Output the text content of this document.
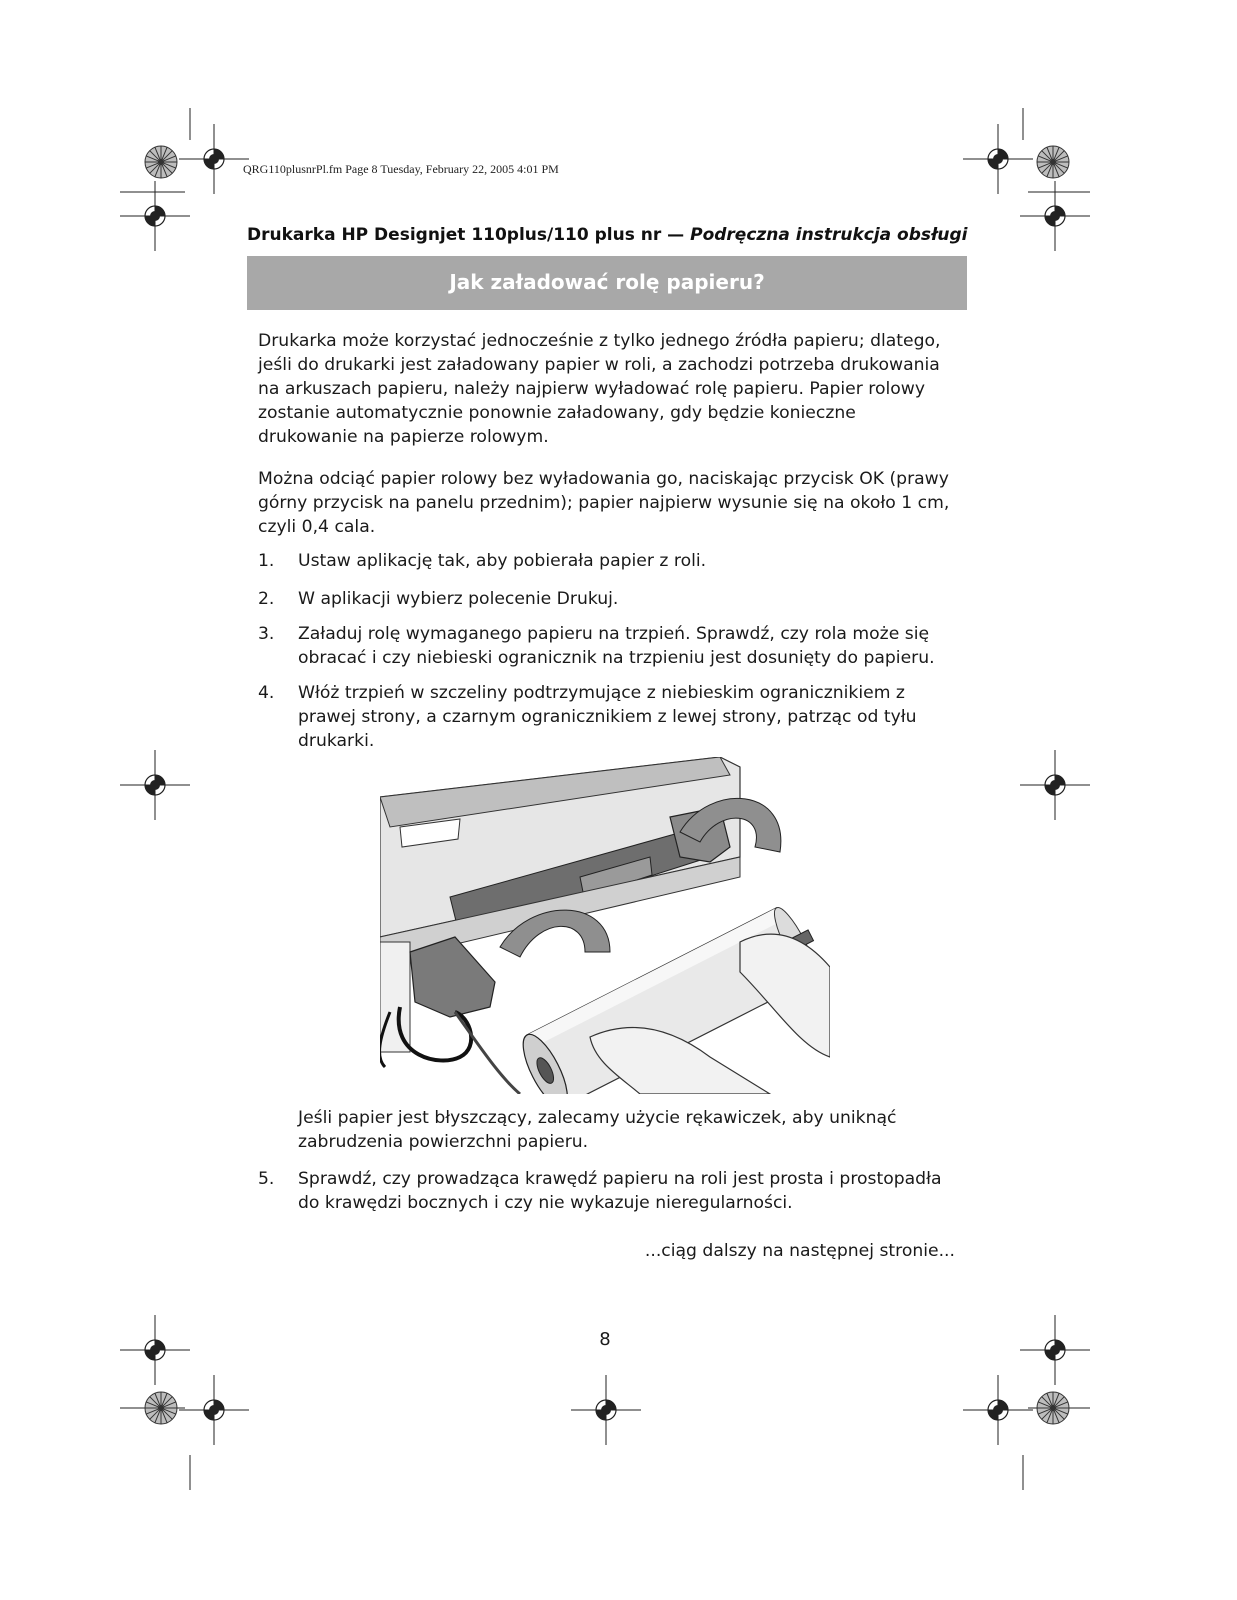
QRG110plusnrPl.fm Page 8 Tuesday, February 22, 2005 4:01 PM
Drukarka HP Designjet 110plus/110 plus nr — Podręczna instrukcja obsługi
Jak załadować rolę papieru?

Drukarka może korzystać jednocześnie z tylko jednego źródła papieru; dlatego, jeśli do drukarki jest załadowany papier w roli, a zachodzi potrzeba drukowania na arkuszach papieru, należy najpierw wyładować rolę papieru. Papier rolowy zostanie automatycznie ponownie załadowany, gdy będzie konieczne drukowanie na papierze rolowym.

Można odciąć papier rolowy bez wyładowania go, naciskając przycisk OK (prawy górny przycisk na panelu przednim); papier najpierw wysunie się na około 1 cm, czyli 0,4 cala.

1.	Ustaw aplikację tak, aby pobierała papier z roli.
2.	W aplikacji wybierz polecenie Drukuj.
3.	Załaduj rolę wymaganego papieru na trzpień. Sprawdź, czy rola może się obracać i czy niebieski ogranicznik na trzpieniu jest dosunięty do papieru.
4.	Włóż trzpień w szczeliny podtrzymujące z niebieskim ogranicznikiem z prawej strony, a czarnym ogranicznikiem z lewej strony, patrząc od tyłu drukarki.
Jeśli papier jest błyszczący, zalecamy użycie rękawiczek, aby uniknąć zabrudzenia powierzchni papieru.
5.	Sprawdź, czy prowadząca krawędź papieru na roli jest prosta i prostopadła do krawędzi bocznych i czy nie wykazuje nieregularności.
...ciąg dalszy na następnej stronie...
8
